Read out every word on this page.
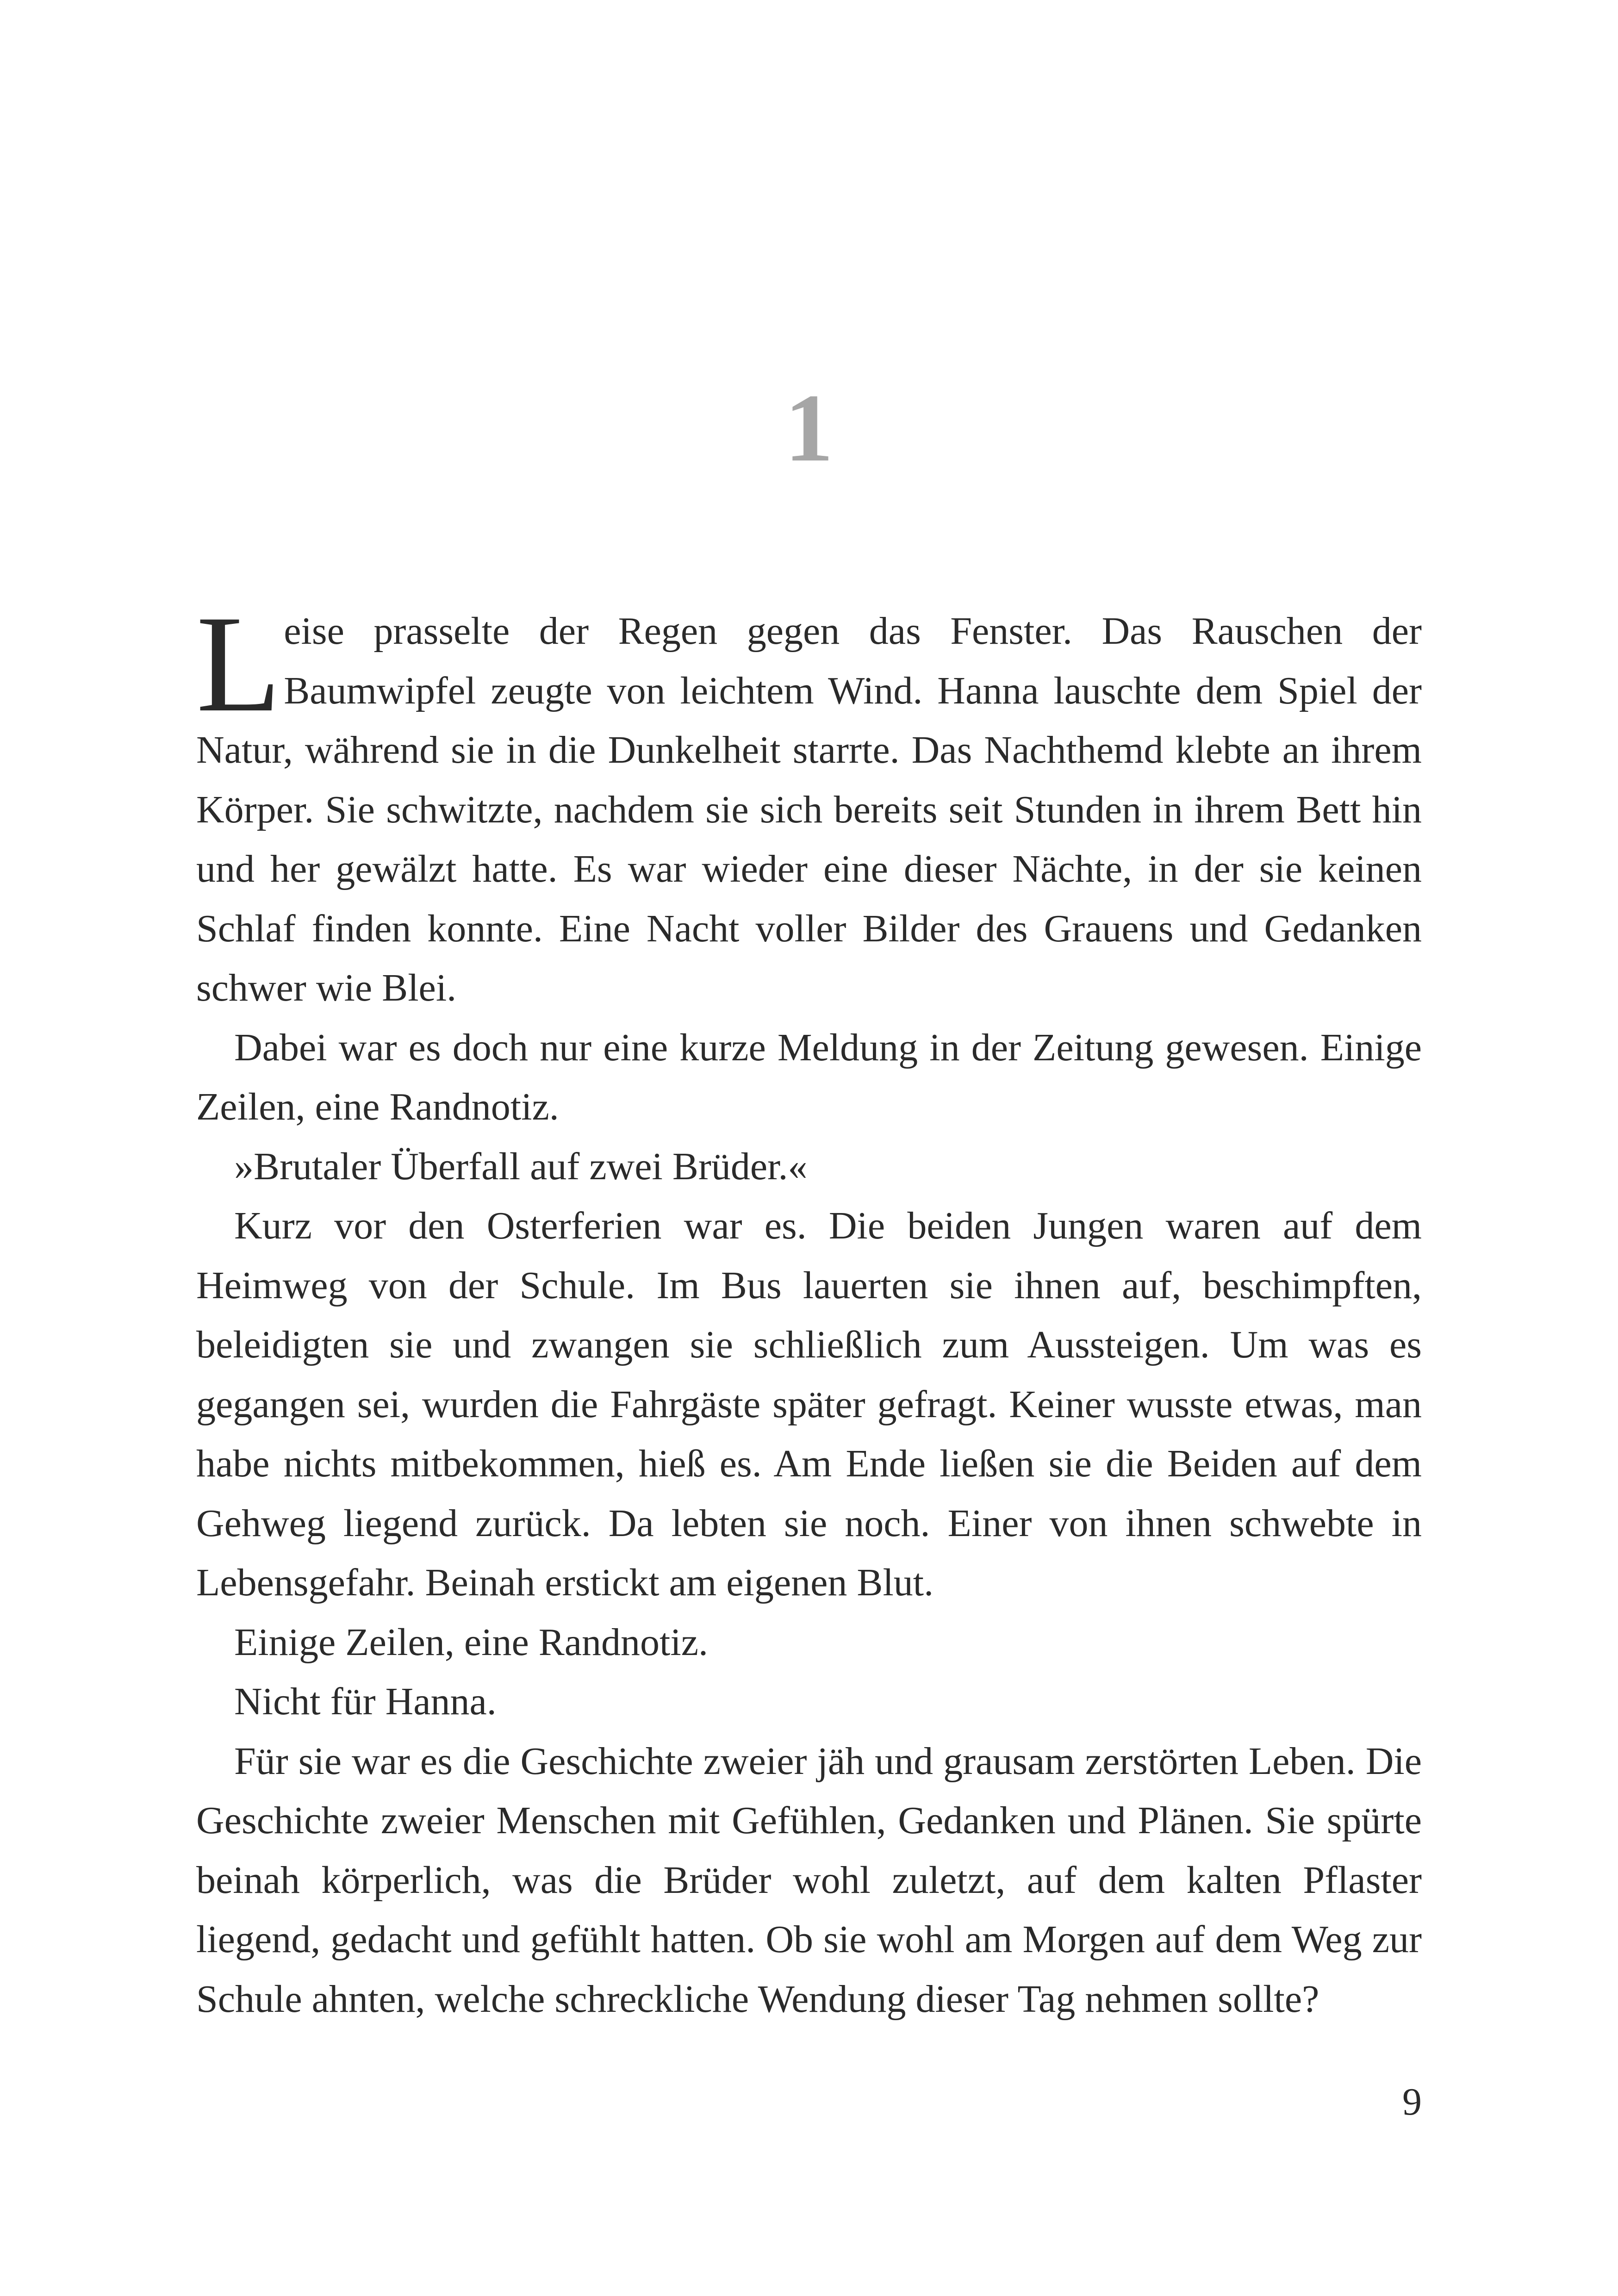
1

Leise prasselte der Regen gegen das Fenster. Das Rauschen der Baumwipfel zeugte von leichtem Wind. Hanna lauschte dem Spiel der Natur, während sie in die Dunkelheit starrte. Das Nachthemd klebte an ihrem Körper. Sie schwitzte, nachdem sie sich bereits seit Stunden in ihrem Bett hin und her gewälzt hatte. Es war wieder eine dieser Nächte, in der sie keinen Schlaf finden konnte. Eine Nacht voller Bilder des Grauens und Gedanken schwer wie Blei.

Dabei war es doch nur eine kurze Meldung in der Zeitung gewesen. Einige Zeilen, eine Randnotiz.

»Brutaler Überfall auf zwei Brüder.«

Kurz vor den Osterferien war es. Die beiden Jungen waren auf dem Heimweg von der Schule. Im Bus lauerten sie ihnen auf, beschimpften, beleidigten sie und zwangen sie schließlich zum Aussteigen. Um was es gegangen sei, wurden die Fahrgäste später gefragt. Keiner wusste etwas, man habe nichts mitbekommen, hieß es. Am Ende ließen sie die Beiden auf dem Gehweg liegend zurück. Da lebten sie noch. Einer von ihnen schwebte in Lebensgefahr. Beinah erstickt am eigenen Blut.

Einige Zeilen, eine Randnotiz.

Nicht für Hanna.

Für sie war es die Geschichte zweier jäh und grausam zerstörten Leben. Die Geschichte zweier Menschen mit Gefühlen, Gedanken und Plänen. Sie spürte beinah körperlich, was die Brüder wohl zuletzt, auf dem kalten Pflaster liegend, gedacht und gefühlt hatten. Ob sie wohl am Morgen auf dem Weg zur Schule ahnten, welche schreckliche Wendung dieser Tag nehmen sollte?

9
